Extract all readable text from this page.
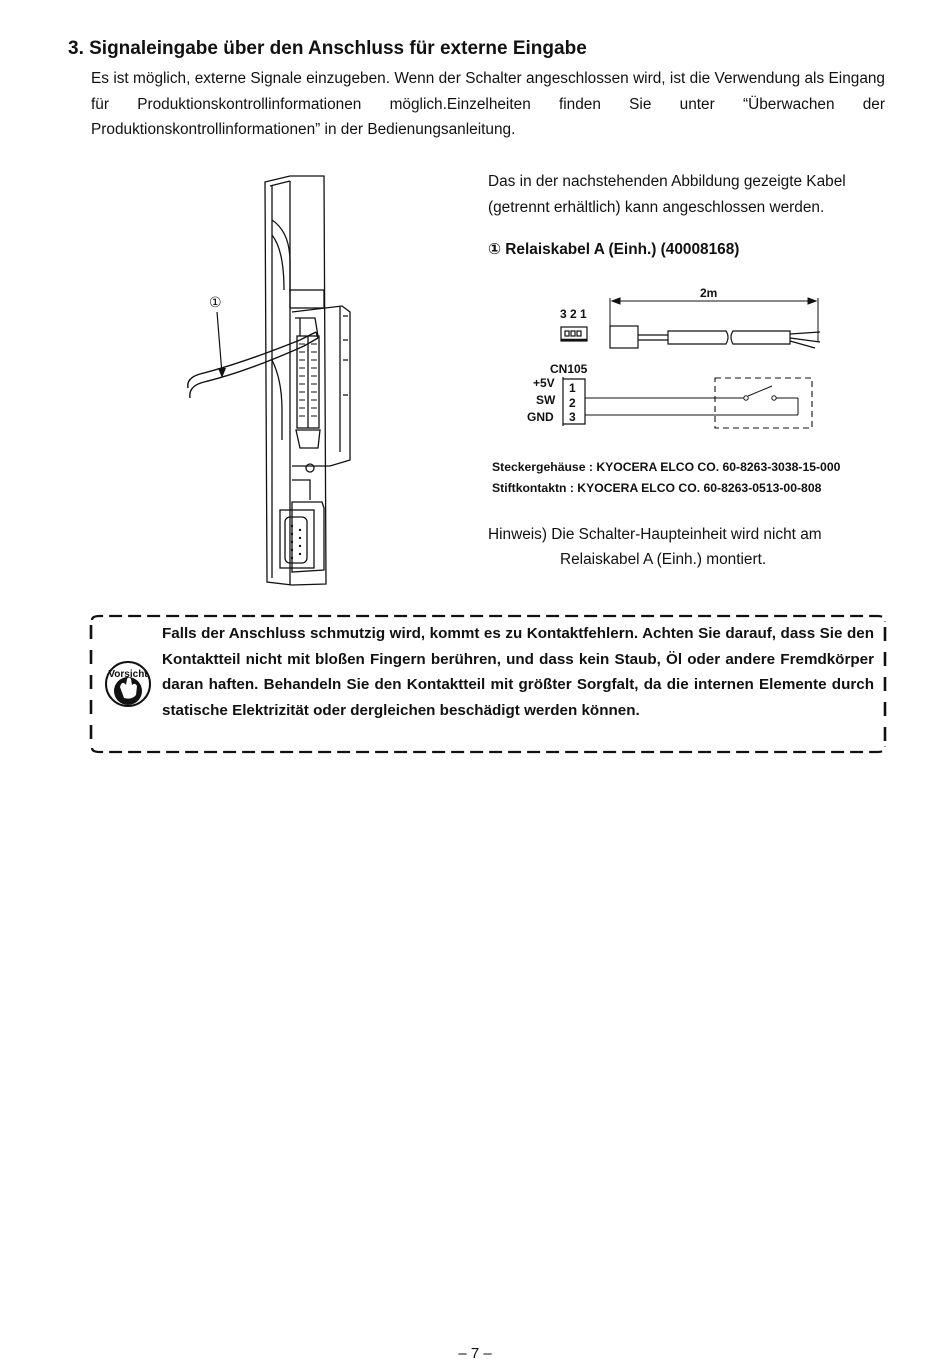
3. Signaleingabe über den Anschluss für externe Eingabe
Es ist möglich, externe Signale einzugeben. Wenn der Schalter angeschlossen wird, ist die Verwendung als Eingang für Produktionskontrollinformationen möglich.Einzelheiten finden Sie unter “Überwachen der Produktionskontrollinformationen” in der Bedienungsanleitung.
Das in der nachstehenden Abbildung gezeigte Kabel (getrennt erhältlich) kann angeschlossen werden.
① Relaiskabel A (Einh.) (40008168)
Steckergehäuse : KYOCERA ELCO CO. 60-8263-3038-15-000
Stiftkontaktn : KYOCERA ELCO CO. 60-8263-0513-00-808
Hinweis) Die Schalter-Haupteinheit wird nicht am
Relaiskabel A (Einh.) montiert.
Falls der Anschluss schmutzig wird, kommt es zu Kontaktfehlern. Achten Sie darauf, dass Sie den Kontaktteil nicht mit bloßen Fingern berühren, und dass kein Staub, Öl oder andere Fremdkörper daran haften. Behandeln Sie den Kontaktteil mit größter Sorgfalt, da die internen Elemente durch statische Elektrizität oder dergleichen beschädigt werden können.
– 7 –
①
2m
3 2 1
CN105
+5V
SW
GND
1
2
3
Vorsicht
